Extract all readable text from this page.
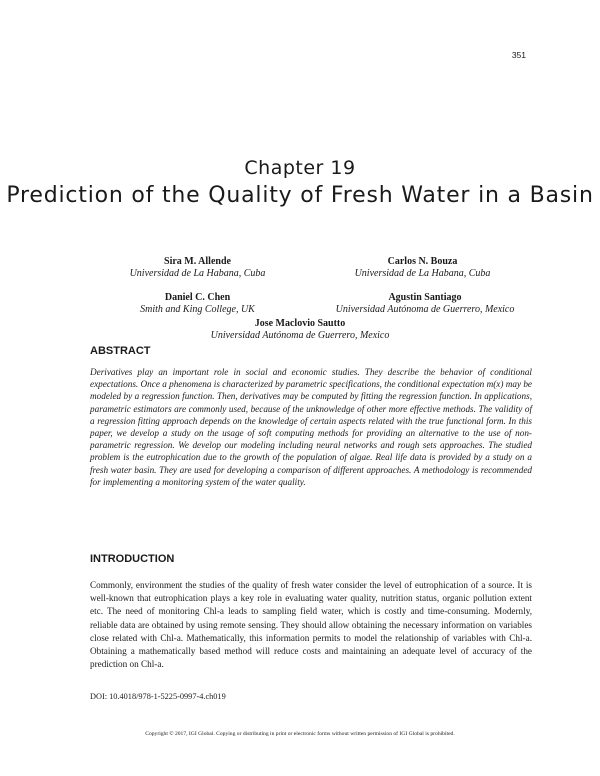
351
Chapter 19
Prediction of the Quality of Fresh Water in a Basin
Sira M. Allende
Universidad de La Habana, Cuba
Carlos N. Bouza
Universidad de La Habana, Cuba
Daniel C. Chen
Smith and King College, UK
Agustin Santiago
Universidad Autónoma de Guerrero, Mexico
Jose Maclovio Sautto
Universidad Autónoma de Guerrero, Mexico
ABSTRACT
Derivatives play an important role in social and economic studies. They describe the behavior of conditional expectations. Once a phenomena is characterized by parametric specifications, the conditional expectation m(x) may be modeled by a regression function. Then, derivatives may be computed by fitting the regression function. In applications, parametric estimators are commonly used, because of the unknowledge of other more effective methods. The validity of a regression fitting approach depends on the knowledge of certain aspects related with the true functional form. In this paper, we develop a study on the usage of soft computing methods for providing an alternative to the use of non-parametric regression. We develop our modeling including neural networks and rough sets approaches. The studied problem is the eutrophication due to the growth of the population of algae. Real life data is provided by a study on a fresh water basin. They are used for developing a comparison of different approaches. A methodology is recommended for implementing a monitoring system of the water quality.
INTRODUCTION
Commonly, environment the studies of the quality of fresh water consider the level of eutrophication of a source. It is well-known that eutrophication plays a key role in evaluating water quality, nutrition status, organic pollution extent etc. The need of monitoring Chl-a leads to sampling field water, which is costly and time-consuming. Modernly, reliable data are obtained by using remote sensing. They should allow obtaining the necessary information on variables close related with Chl-a. Mathematically, this information permits to model the relationship of variables with Chl-a. Obtaining a mathematically based method will reduce costs and maintaining an adequate level of accuracy of the prediction on Chl-a.
DOI: 10.4018/978-1-5225-0997-4.ch019
Copyright © 2017, IGI Global. Copying or distributing in print or electronic forms without written permission of IGI Global is prohibited.
